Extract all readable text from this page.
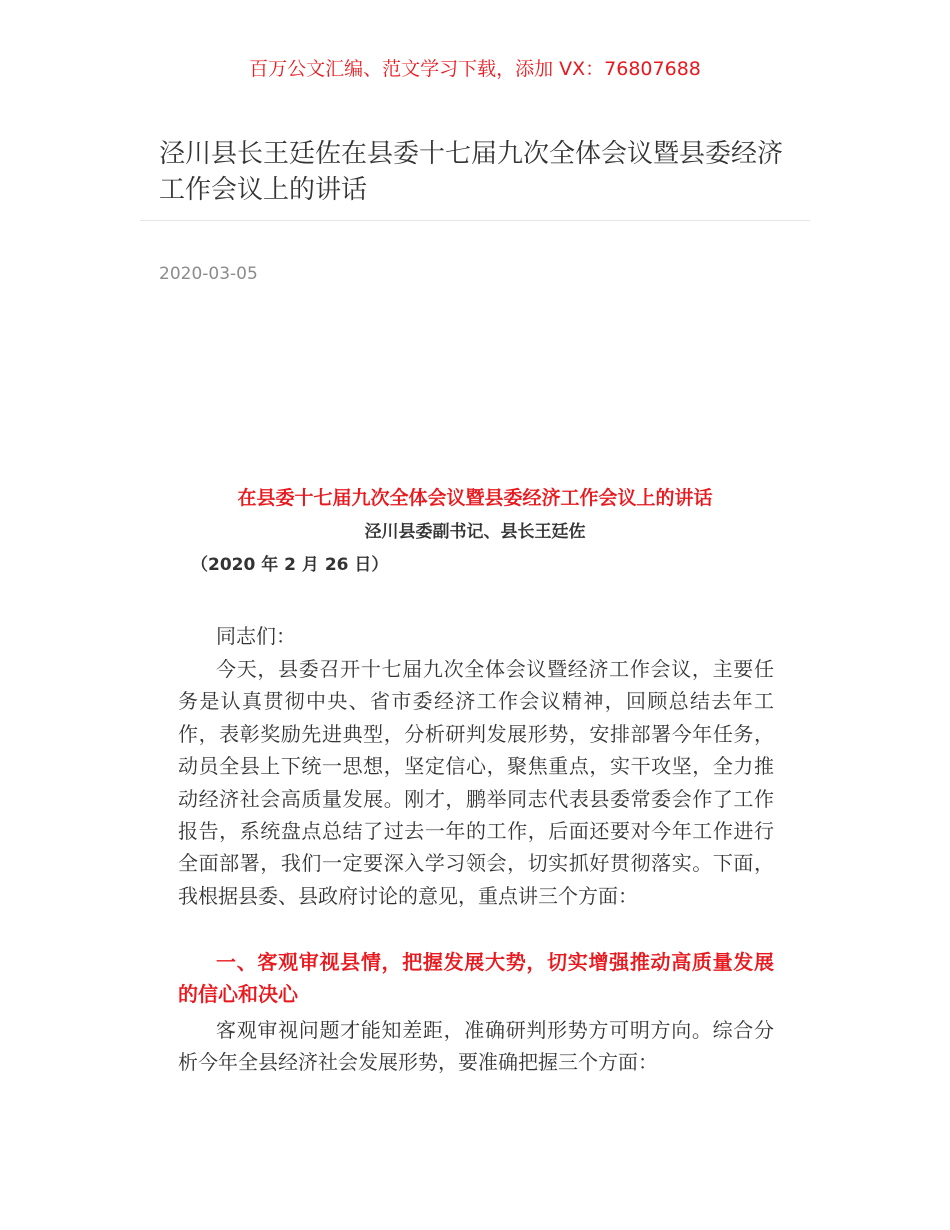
百万公文汇编、范文学习下载，添加 VX：76807688
泾川县长王廷佐在县委十七届九次全体会议暨县委经济工作会议上的讲话
2020-03-05
在县委十七届九次全体会议暨县委经济工作会议上的讲话
泾川县委副书记、县长王廷佐
（2020 年 2 月 26 日）
同志们：
今天，县委召开十七届九次全体会议暨经济工作会议，主要任务是认真贯彻中央、省市委经济工作会议精神，回顾总结去年工作，表彰奖励先进典型，分析研判发展形势，安排部署今年任务，动员全县上下统一思想，坚定信心，聚焦重点，实干攻坚，全力推动经济社会高质量发展。刚才，鹏举同志代表县委常委会作了工作报告，系统盘点总结了过去一年的工作，后面还要对今年工作进行全面部署，我们一定要深入学习领会，切实抓好贯彻落实。下面，我根据县委、县政府讨论的意见，重点讲三个方面：
一、客观审视县情，把握发展大势，切实增强推动高质量发展的信心和决心
客观审视问题才能知差距，准确研判形势方可明方向。综合分析今年全县经济社会发展形势，要准确把握三个方面：
